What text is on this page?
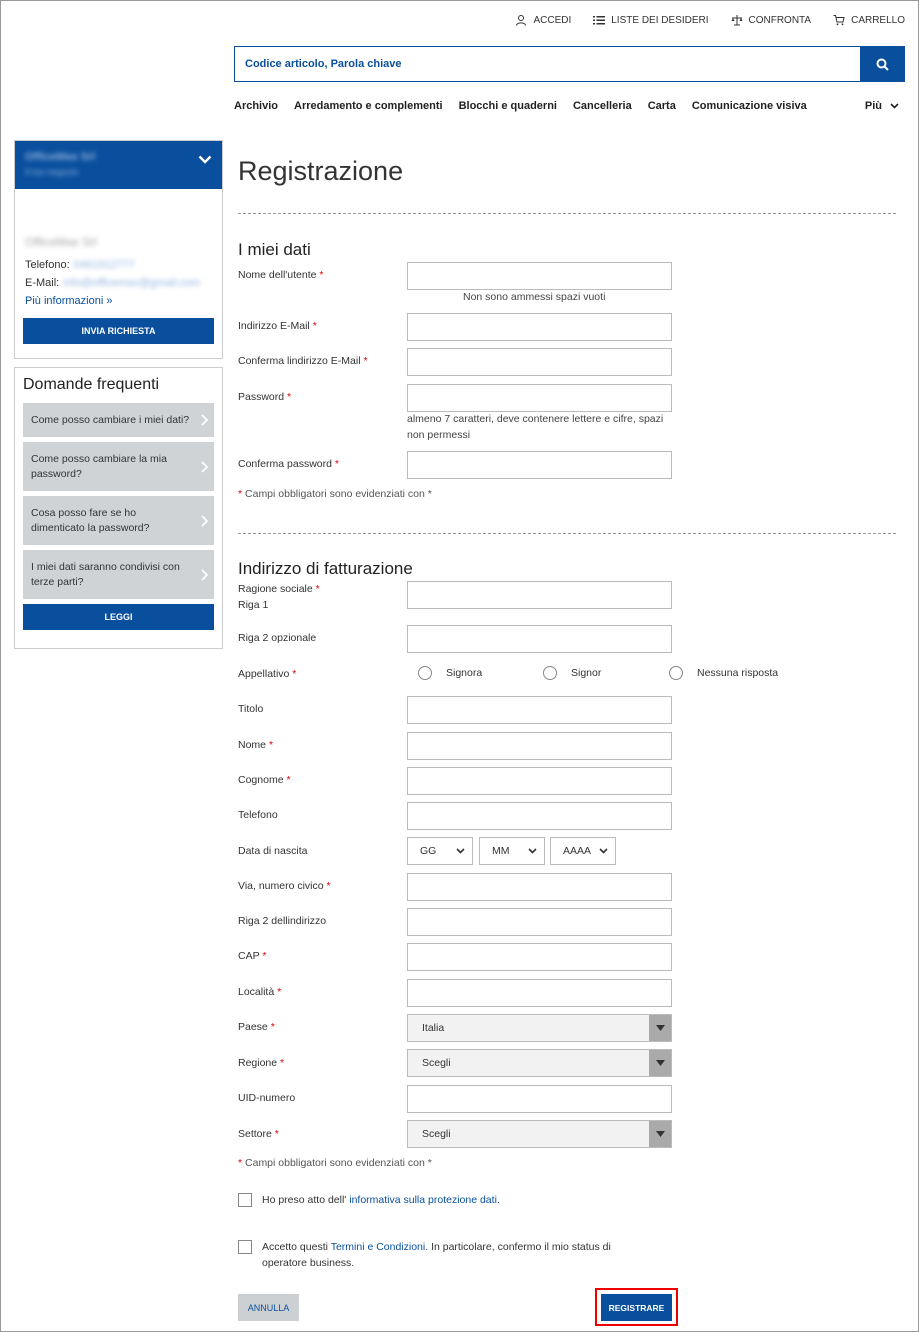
ACCEDI	LISTE DEI DESIDERI	CONFRONTA	CARRELLO
Codice articolo, Parola chiave
Archivio Arredamento e complementi Blocchi e quaderni Cancelleria Carta Comunicazione visiva	Più
OfficeMax Srl
Il tuo negozio
OfficeMax Srl
Telefono: 0461912777
E-Mail: info@officemax@gmail.com
Più informazioni »
INVIA RICHIESTA
Domande frequenti
Come posso cambiare i miei dati?
Come posso cambiare la mia password?
Cosa posso fare se ho dimenticato la password?
I miei dati saranno condivisi con terze parti?
LEGGI
Registrazione
I miei dati
Nome dell'utente *
Non sono ammessi spazi vuoti
Indirizzo E-Mail *
Conferma lindirizzo E-Mail *
Password *
almeno 7 caratteri, deve contenere lettere e cifre, spazi non permessi
Conferma password *
* Campi obbligatori sono evidenziati con *
Indirizzo di fatturazione
Ragione sociale *
Riga 1
Riga 2 opzionale
Appellativo *	Signora	Signor	Nessuna risposta
Titolo
Nome *
Cognome *
Telefono
Data di nascita	GG	MM	AAAA
Via, numero civico *
Riga 2 dellindirizzo
CAP *
Località *
Paese *	Italia
Regione *	Scegli
UID-numero
Settore *	Scegli
* Campi obbligatori sono evidenziati con *
Ho preso atto dell' informativa sulla protezione dati.
Accetto questi Termini e Condizioni. In particolare, confermo il mio status di operatore business.
ANNULLA	REGISTRARE
